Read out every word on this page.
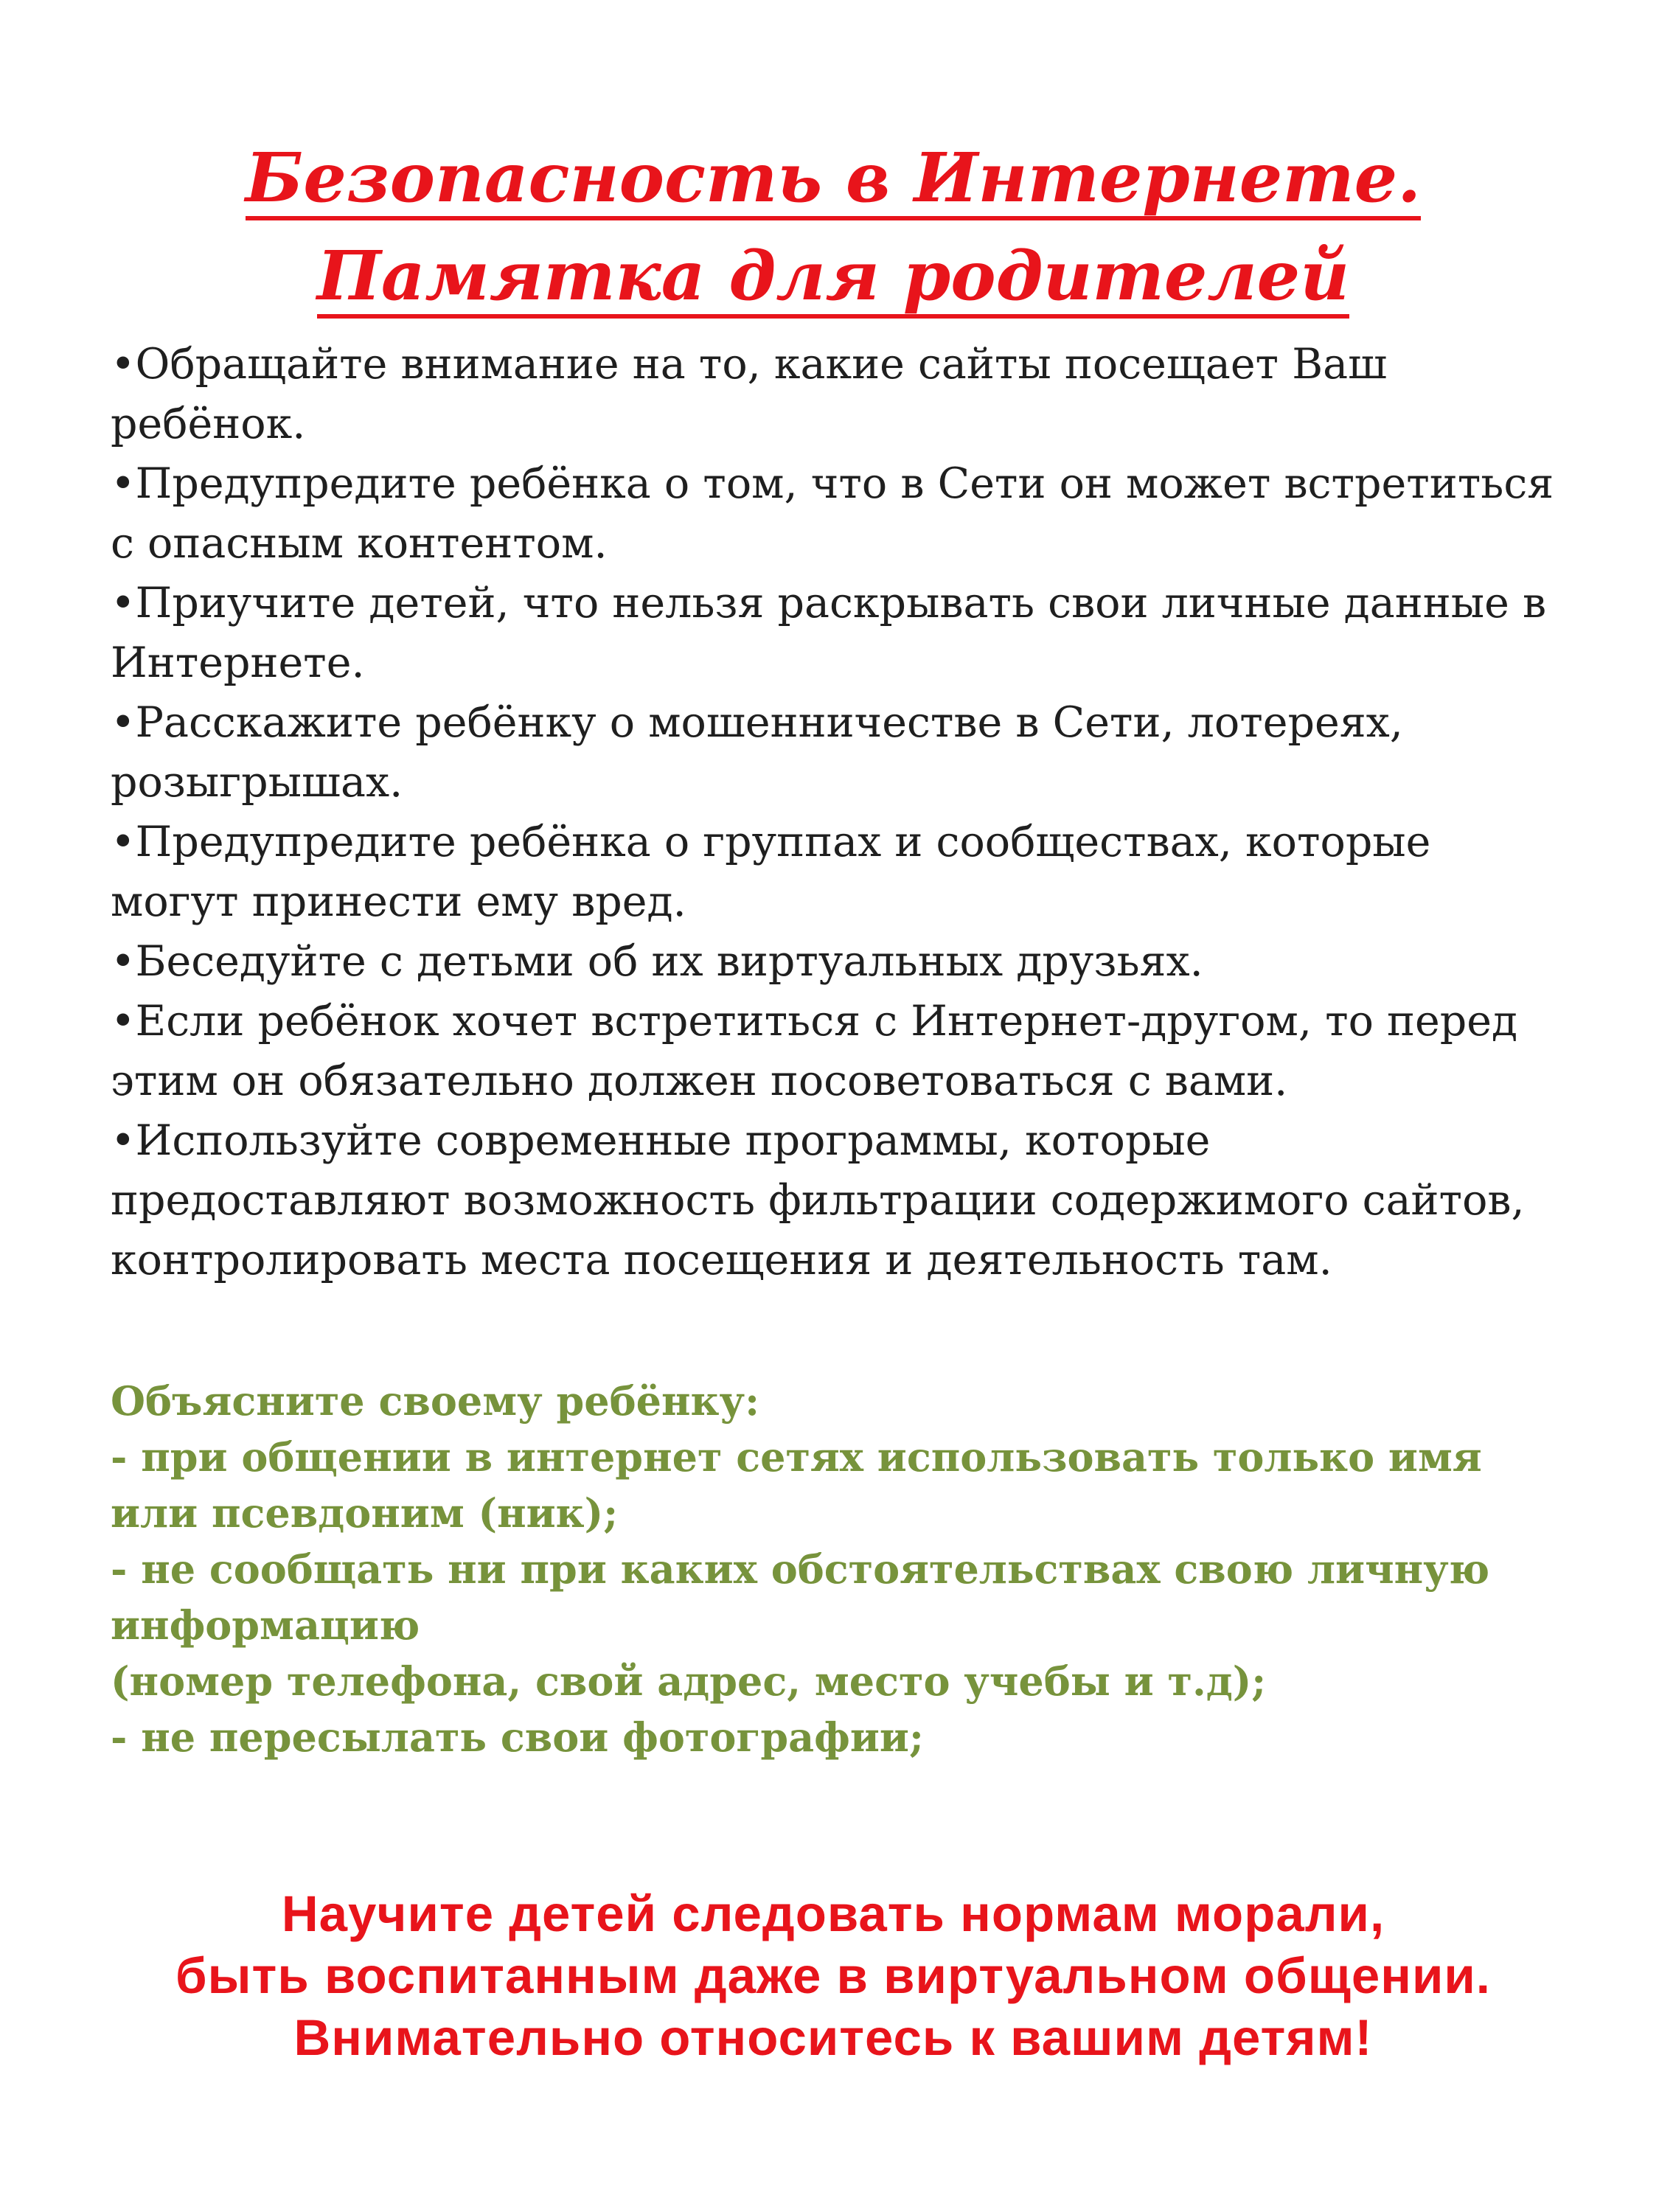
Безопасность в Интернете.
Памятка для родителей
•Обращайте внимание на то, какие сайты посещает Ваш ребёнок.
•Предупредите ребёнка о том, что в Сети он может встретиться с опасным контентом.
•Приучите детей, что нельзя раскрывать свои личные данные в Интернете.
•Расскажите ребёнку о мошенничестве в Сети, лотереях, розыгрышах.
•Предупредите ребёнка о группах и сообществах, которые могут принести ему вред.
•Беседуйте с детьми об их виртуальных друзьях.
•Если ребёнок хочет встретиться с Интернет-другом, то перед этим он обязательно должен посоветоваться с вами.
•Используйте современные программы, которые предоставляют возможность фильтрации содержимого сайтов, контролировать места посещения и деятельность там.
Объясните своему ребёнку:
- при общении в интернет сетях использовать только имя или псевдоним (ник);
- не сообщать ни при каких обстоятельствах свою личную информацию
(номер телефона, свой адрес, место учебы и т.д);
- не пересылать свои фотографии;
Научите детей следовать нормам морали,
быть воспитанным даже в виртуальном общении.
Внимательно относитесь к вашим детям!
